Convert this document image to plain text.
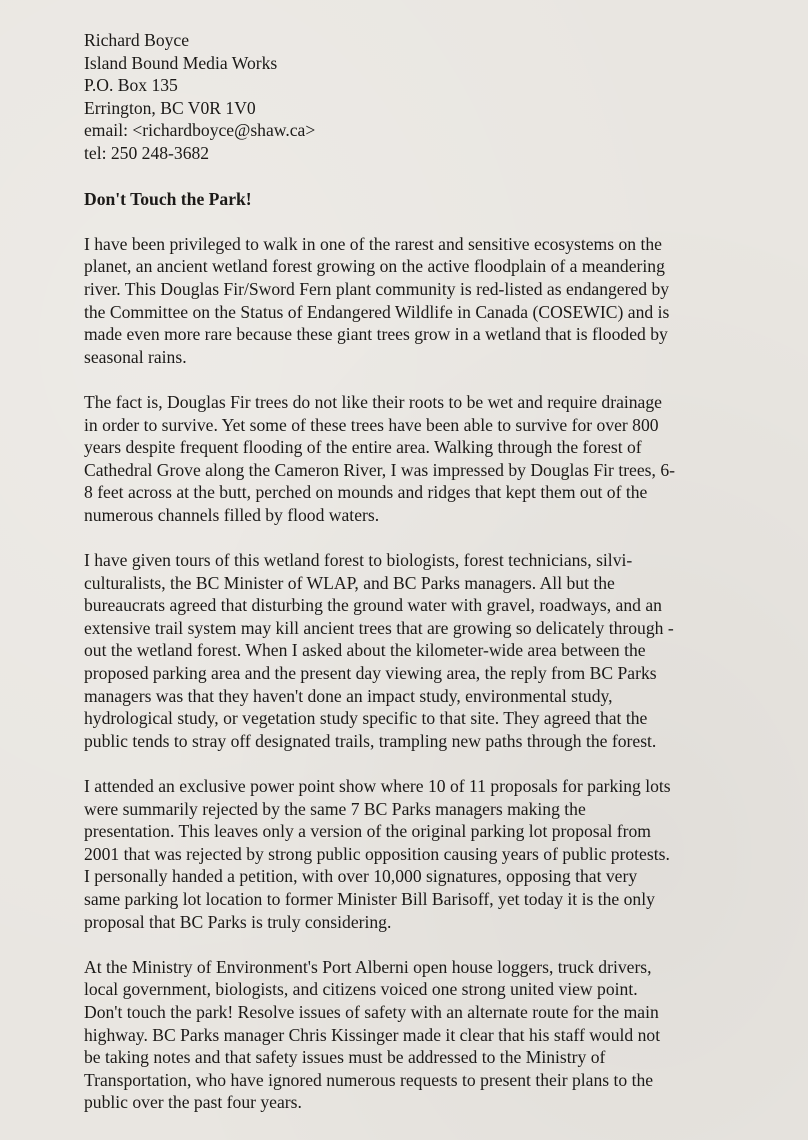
Richard Boyce
Island Bound Media Works
P.O. Box 135
Errington, BC V0R 1V0
email: <richardboyce@shaw.ca>
tel: 250 248-3682
Don't Touch the Park!
I have been privileged to walk in one of the rarest and sensitive ecosystems on the
planet, an ancient wetland forest growing on the active floodplain of a meandering
river. This Douglas Fir/Sword Fern plant community is red-listed as endangered by
the Committee on the Status of Endangered Wildlife in Canada (COSEWIC) and is
made even more rare because these giant trees grow in a wetland that is flooded by
seasonal rains.
The fact is, Douglas Fir trees do not like their roots to be wet and require drainage
in order to survive. Yet some of these trees have been able to survive for over 800
years despite frequent flooding of the entire area. Walking through the forest of
Cathedral Grove along the Cameron River, I was impressed by Douglas Fir trees, 6-
8 feet across at the butt, perched on mounds and ridges that kept them out of the
numerous channels filled by flood waters.
I have given tours of this wetland forest to biologists, forest technicians, silvi-
culturalists, the BC Minister of WLAP, and BC Parks managers. All but the
bureaucrats agreed that disturbing the ground water with gravel, roadways, and an
extensive trail system may kill ancient trees that are growing so delicately through -
out the wetland forest. When I asked about the kilometer-wide area between the
proposed parking area and the present day viewing area, the reply from BC Parks
managers was that they haven't done an impact study, environmental study,
hydrological study, or vegetation study specific to that site. They agreed that the
public tends to stray off designated trails, trampling new paths through the forest.
I attended an exclusive power point show where 10 of 11 proposals for parking lots
were summarily rejected by the same 7 BC Parks managers making the
presentation. This leaves only a version of the original parking lot proposal from
2001 that was rejected by strong public opposition causing years of public protests.
I personally handed a petition, with over 10,000 signatures, opposing that very
same parking lot location to former Minister Bill Barisoff, yet today it is the only
proposal that BC Parks is truly considering.
At the Ministry of Environment's Port Alberni open house loggers, truck drivers,
local government, biologists, and citizens voiced one strong united view point.
Don't touch the park! Resolve issues of safety with an alternate route for the main
highway. BC Parks manager Chris Kissinger made it clear that his staff would not
be taking notes and that safety issues must be addressed to the Ministry of
Transportation, who have ignored numerous requests to present their plans to the
public over the past four years.
